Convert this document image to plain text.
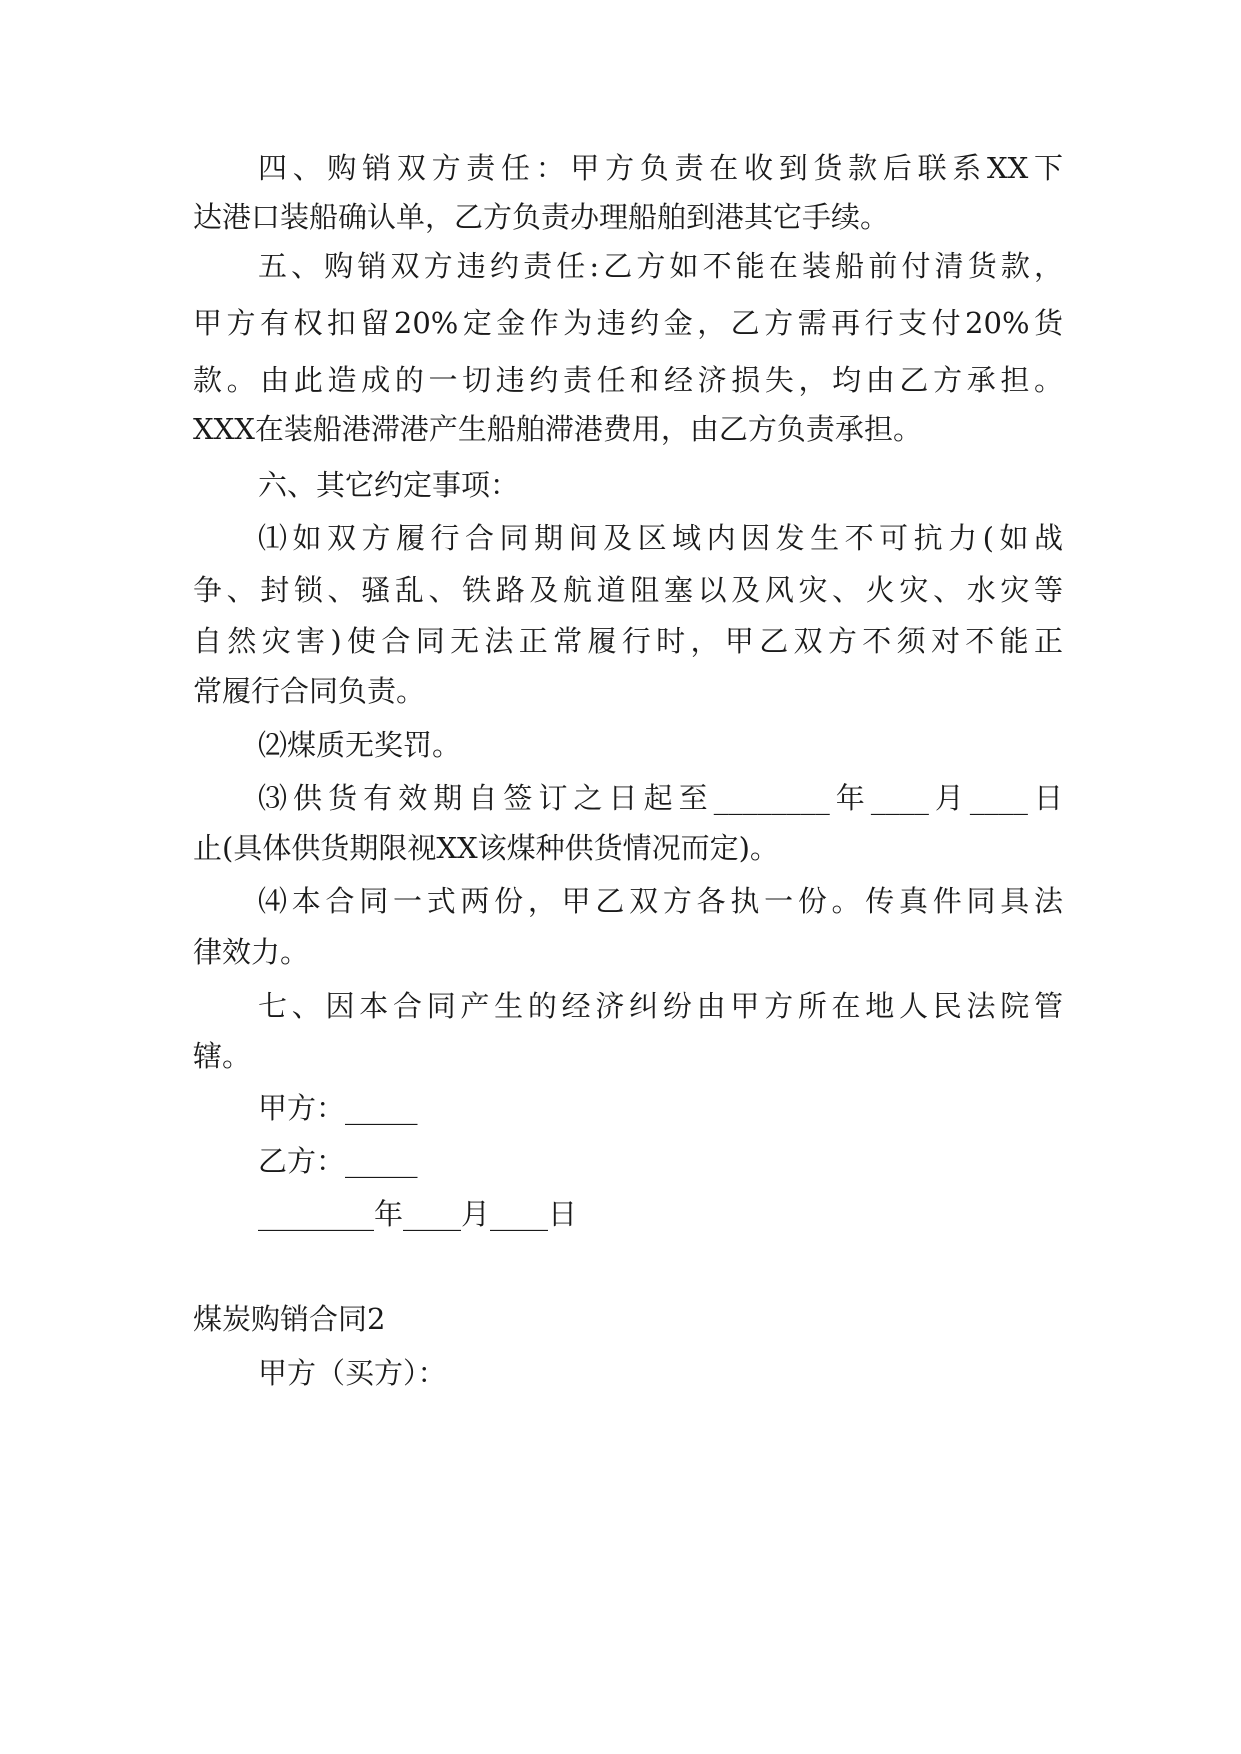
四、购销双方责任：甲方负责在收到货款后联系XX下
达港口装船确认单，乙方负责办理船舶到港其它手续。
五、购销双方违约责任:乙方如不能在装船前付清货款，
甲方有权扣留20%定金作为违约金，乙方需再行支付20%货
款。由此造成的一切违约责任和经济损失，均由乙方承担。
XXX在装船港滞港产生船舶滞港费用，由乙方负责承担。
六、其它约定事项：
⑴如双方履行合同期间及区域内因发生不可抗力(如战
争、封锁、骚乱、铁路及航道阻塞以及风灾、火灾、水灾等
自然灾害)使合同无法正常履行时，甲乙双方不须对不能正
常履行合同负责。
⑵煤质无奖罚。
⑶供货有效期自签订之日起至________年____月____日
止(具体供货期限视XX该煤种供货情况而定)。
⑷本合同一式两份，甲乙双方各执一份。传真件同具法
律效力。
七、因本合同产生的经济纠纷由甲方所在地人民法院管
辖。
甲方：_____
乙方：_____
________年____月____日
煤炭购销合同2
甲方（买方）：
